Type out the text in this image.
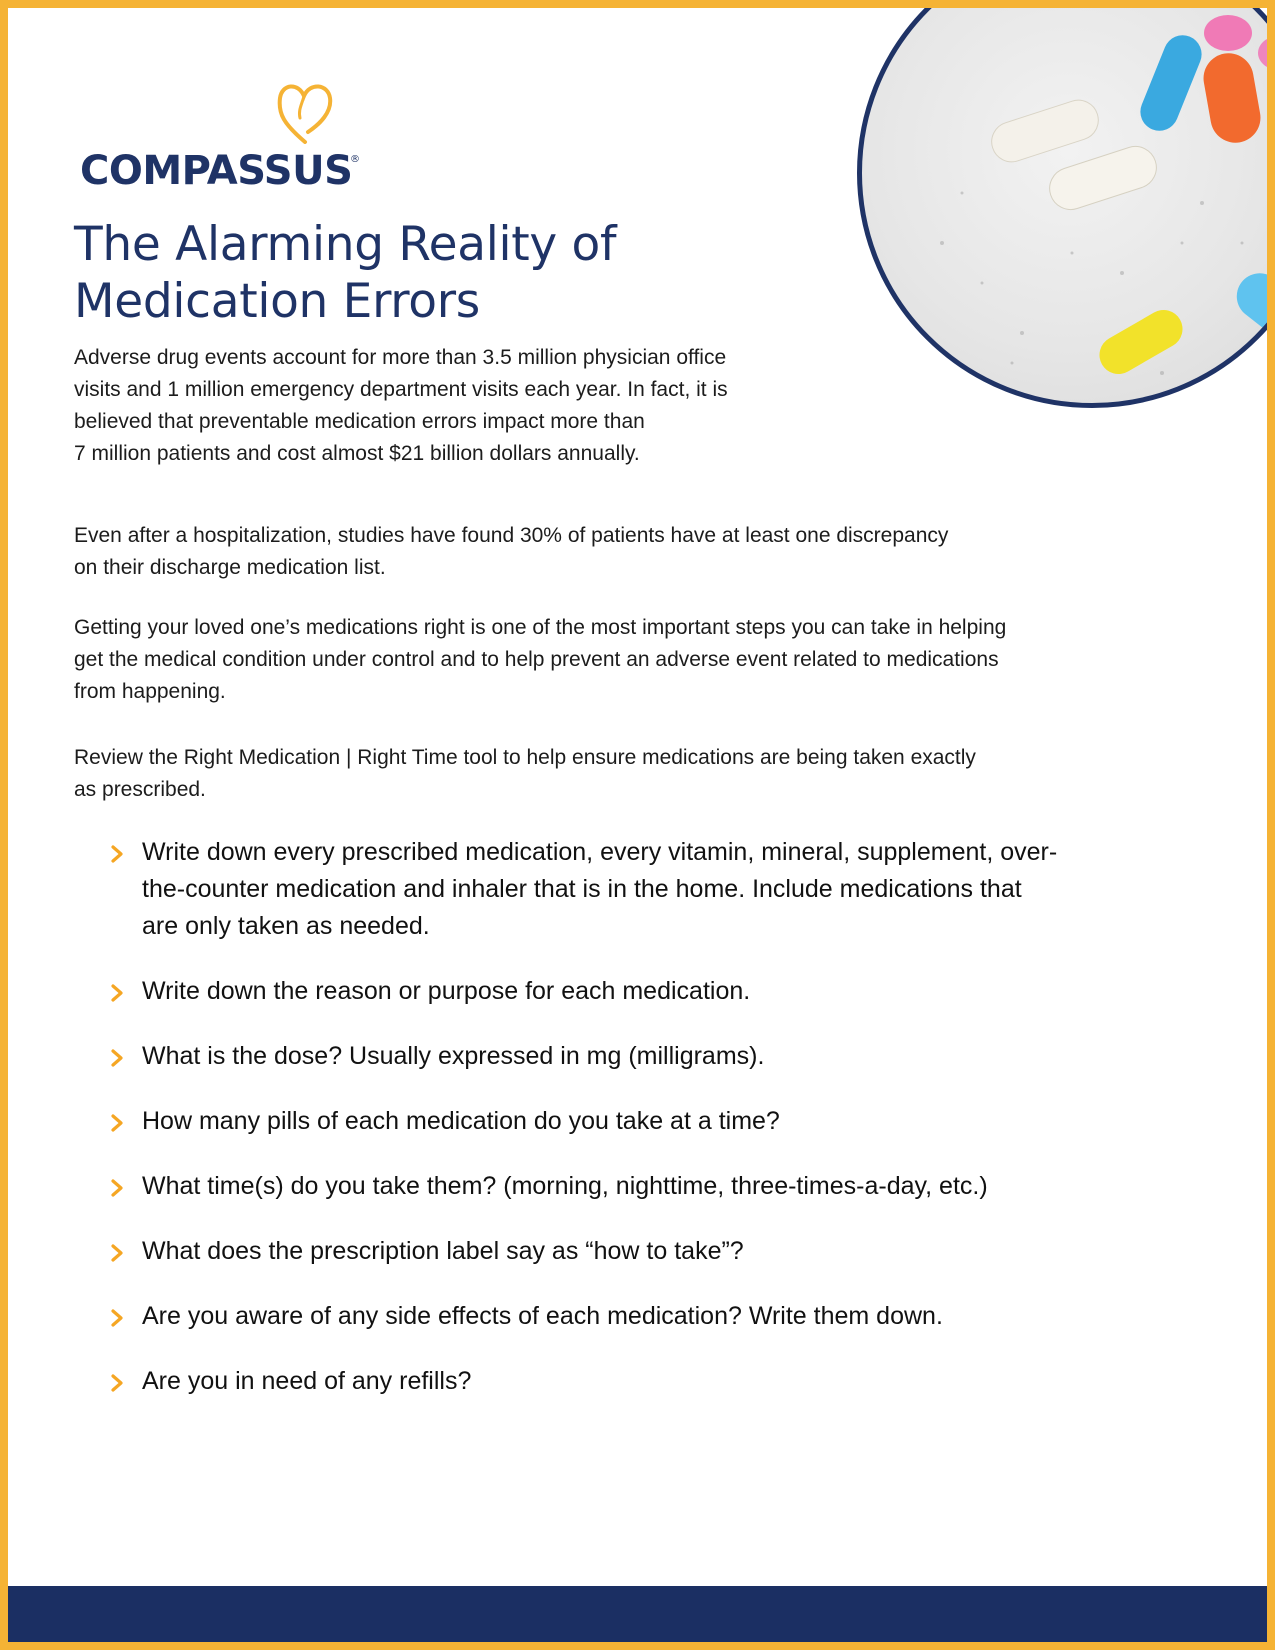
COMPASSUS
®
The Alarming Reality of
Medication Errors

Adverse drug events account for more than 3.5 million physician office
visits and 1 million emergency department visits each year. In fact, it is
believed that preventable medication errors impact more than
7 million patients and cost almost $21 billion dollars annually.

Even after a hospitalization, studies have found 30% of patients have at least one discrepancy
on their discharge medication list.

Getting your loved one’s medications right is one of the most important steps you can take in helping
get the medical condition under control and to help prevent an adverse event related to medications
from happening.

Review the Right Medication | Right Time tool to help ensure medications are being taken exactly
as prescribed.

Write down every prescribed medication, every vitamin, mineral, supplement, over-
the-counter medication and inhaler that is in the home. Include medications that
are only taken as needed.
Write down the reason or purpose for each medication.
What is the dose? Usually expressed in mg (milligrams).
How many pills of each medication do you take at a time?
What time(s) do you take them? (morning, nighttime, three-times-a-day, etc.)
What does the prescription label say as “how to take”?
Are you aware of any side effects of each medication? Write them down.
Are you in need of any refills?
